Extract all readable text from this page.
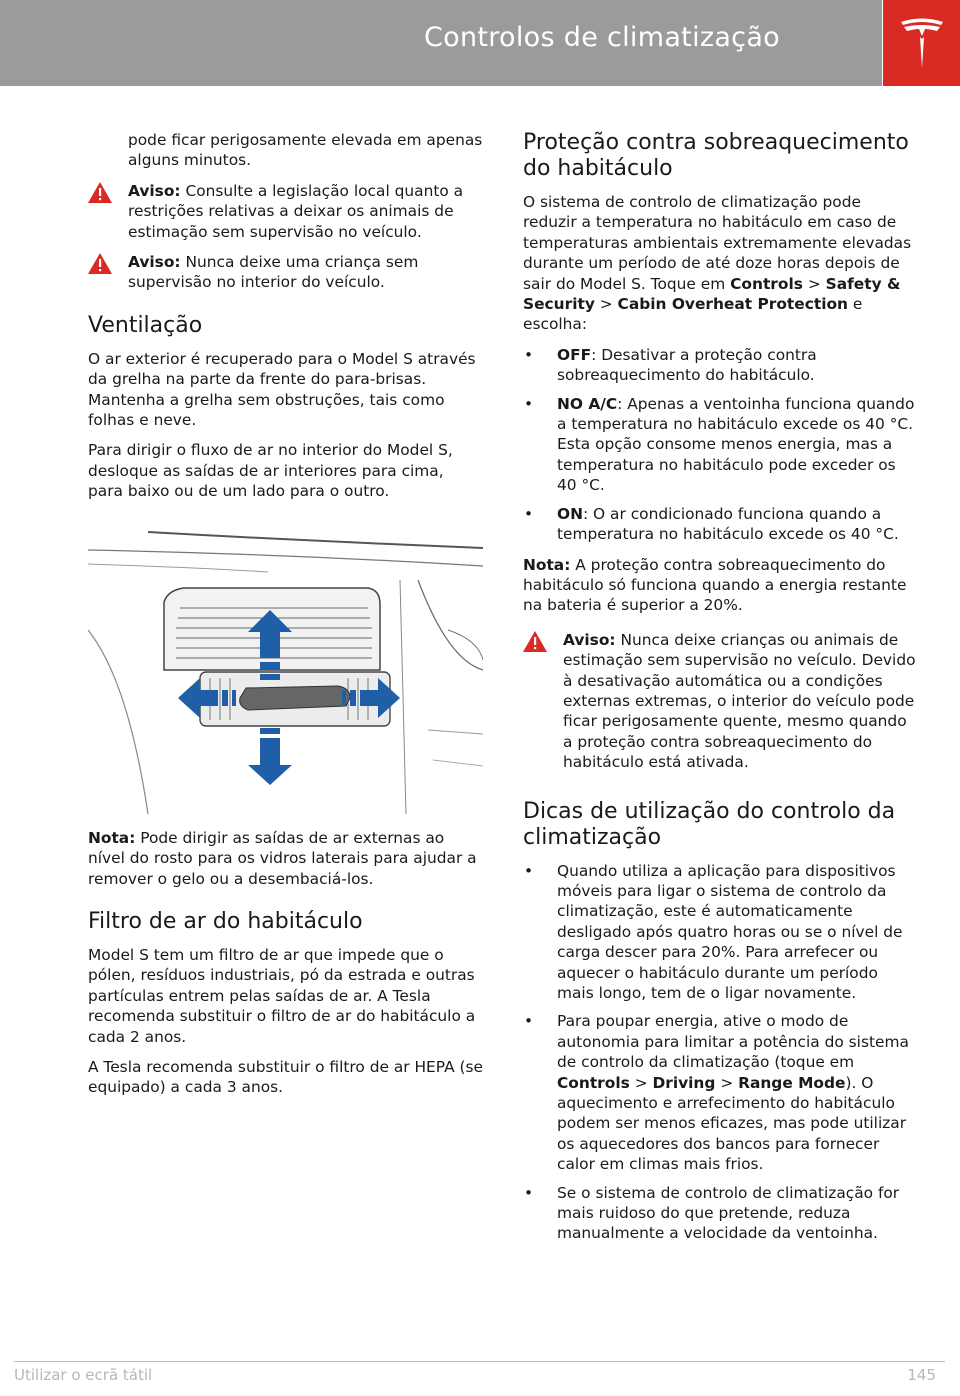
Controlos de climatização

pode ficar perigosamente elevada em apenas alguns minutos.

Aviso: Consulte a legislação local quanto a restrições relativas a deixar os animais de estimação sem supervisão no veículo.
Aviso: Nunca deixe uma criança sem supervisão no interior do veículo.
Ventilação

O ar exterior é recuperado para o Model S através da grelha na parte da frente do para-brisas. Mantenha a grelha sem obstruções, tais como folhas e neve.

Para dirigir o fluxo de ar no interior do Model S, desloque as saídas de ar interiores para cima, para baixo ou de um lado para o outro.

Nota: Pode dirigir as saídas de ar externas ao nível do rosto para os vidros laterais para ajudar a remover o gelo ou a desembaciá-los.

Filtro de ar do habitáculo

Model S tem um filtro de ar que impede que o pólen, resíduos industriais, pó da estrada e outras partículas entrem pelas saídas de ar. A Tesla recomenda substituir o filtro de ar do habitáculo a cada 2 anos.

A Tesla recomenda substituir o filtro de ar HEPA (se equipado) a cada 3 anos.

Proteção contra sobreaquecimento do habitáculo

O sistema de controlo de climatização pode reduzir a temperatura no habitáculo em caso de temperaturas ambientais extremamente elevadas durante um período de até doze horas depois de sair do Model S. Toque em Controls > Safety & Security > Cabin Overheat Protection e escolha:

• OFF: Desativar a proteção contra sobreaquecimento do habitáculo.
• NO A/C: Apenas a ventoinha funciona quando a temperatura no habitáculo excede os 40 °C. Esta opção consome menos energia, mas a temperatura no habitáculo pode exceder os 40 °C.
• ON: O ar condicionado funciona quando a temperatura no habitáculo excede os 40 °C.

Nota: A proteção contra sobreaquecimento do habitáculo só funciona quando a energia restante na bateria é superior a 20%.

Aviso: Nunca deixe crianças ou animais de estimação sem supervisão no veículo. Devido à desativação automática ou a condições externas extremas, o interior do veículo pode ficar perigosamente quente, mesmo quando a proteção contra sobreaquecimento do habitáculo está ativada.
Dicas de utilização do controlo da climatização
• Quando utiliza a aplicação para dispositivos móveis para ligar o sistema de controlo da climatização, este é automaticamente desligado após quatro horas ou se o nível de carga descer para 20%. Para arrefecer ou aquecer o habitáculo durante um período mais longo, tem de o ligar novamente.
• Para poupar energia, ative o modo de autonomia para limitar a potência do sistema de controlo da climatização (toque em Controls > Driving > Range Mode). O aquecimento e arrefecimento do habitáculo podem ser menos eficazes, mas pode utilizar os aquecedores dos bancos para fornecer calor em climas mais frios.
• Se o sistema de controlo de climatização for mais ruidoso do que pretende, reduza manualmente a velocidade da ventoinha.
Utilizar o ecrã tátil	145
